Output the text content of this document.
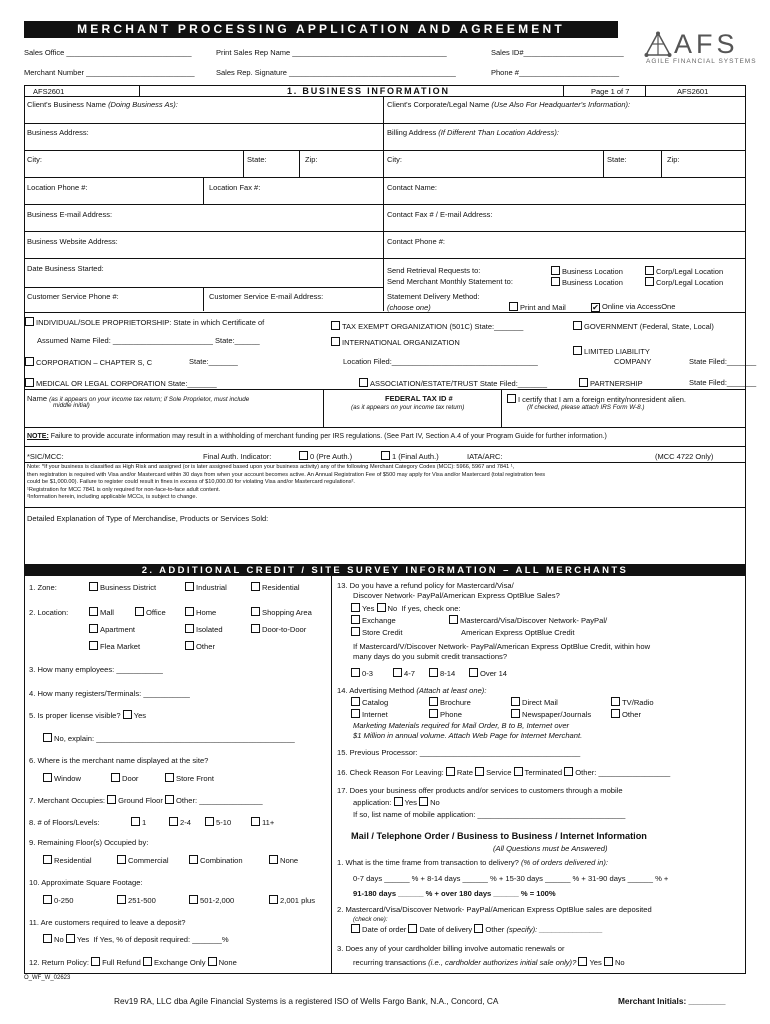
MERCHANT PROCESSING APPLICATION AND AGREEMENT	AFS
AGILE FINANCIAL SYSTEMS
Sales Office ______________________________	Print Sales Rep Name _____________________________________	Sales ID#________________________
Merchant Number __________________________	Sales Rep. Signature ________________________________________	Phone #________________________
AFS2601	1. BUSINESS INFORMATION	Page 1 of 7	AFS2601
Client's Business Name (Doing Business As):	Client's Corporate/Legal Name (Use Also For Headquarter's Information):
Business Address:	Billing Address (If Different Than Location Address):
City:	State:	Zip:	City:	State:	Zip:
Location Phone #:	Location Fax #:	Contact Name:
Business E-mail Address:	Contact Fax # / E-mail Address:
Business Website Address:	Contact Phone #:
Date Business Started:	Send Retrieval Requests to:	Business Location	Corp/Legal Location
Send Merchant Monthly Statement to:	Business Location	Corp/Legal Location
Customer Service Phone #:	Customer Service E-mail Address:	Statement Delivery Method:
(choose one)	Print and Mail
✔	Online via AccessOne
INDIVIDUAL/SOLE PROPRIETORSHIP: State in which Certificate of
Assumed Name Filed: ________________________ State:______
TAX EXEMPT ORGANIZATION (501C) State:_______	GOVERNMENT (Federal, State, Local)
INTERNATIONAL ORGANIZATION
Location Filed:___________________________________
LIMITED LIABILITY
COMPANY	State Filed:_______
CORPORATION – CHAPTER S, C	State:_______
MEDICAL OR LEGAL CORPORATION State:_______	ASSOCIATION/ESTATE/TRUST State Filed:_______	PARTNERSHIP	State Filed:_______
Name (as it appears on your income tax return; if Sole Proprietor, must include
middle initial)
FEDERAL TAX ID #
(as it appears on your income tax return)
I certify that I am a foreign entity/nonresident alien.
(If checked, please attach IRS Form W-8.)
NOTE: Failure to provide accurate information may result in a withholding of merchant funding per IRS regulations. (See Part IV, Section A.4 of your Program Guide for further information.)
*SIC/MCC:	Final Auth. Indicator:	0 (Pre Auth.)	1 (Final Auth.)	IATA/ARC:	(MCC 4722 Only)
Note: *If your business is classified as High Risk and assigned (or is later assigned based upon your business activity) any of the following Merchant Category Codes (MCC): 5966, 5967 and 7841 ¹,
then registration is required with Visa and/or Mastercard within 30 days from when your account becomes active. An Annual Registration Fee of $500 may apply for Visa and/or Mastercard (total registration fees
could be $1,000.00). Failure to register could result in fines in excess of $10,000.00 for violating Visa and/or Mastercard regulations².
¹Registration for MCC 7841 is only required for non-face-to-face adult content.
²Information herein, including applicable MCCs, is subject to change.
Detailed Explanation of Type of Merchandise, Products or Services Sold:
2. ADDITIONAL CREDIT / SITE SURVEY INFORMATION – ALL MERCHANTS
1. Zone:	Business District	Industrial	Residential
2. Location:	Mall	Office	Home	Shopping Area
Apartment	Isolated	Door-to-Door
Flea Market	Other
3. How many employees: ___________
4. How many registers/Terminals: ___________
5. Is proper license visible? Yes
No, explain: _______________________________________________
6. Where is the merchant name displayed at the site?
Window	Door	Store Front
7. Merchant Occupies: Ground Floor Other: _______________
8. # of Floors/Levels:	1	2-4	5-10	11+
9. Remaining Floor(s) Occupied by:
Residential	Commercial	Combination	None
10. Approximate Square Footage:
0-250	251-500	501-2,000	2,001 plus
11. Are customers required to leave a deposit?
No Yes If Yes, % of deposit required: _______%
12. Return Policy: Full Refund Exchange Only None
13. Do you have a refund policy for Mastercard/Visa/
Discover Network- PayPal/American Express OptBlue Sales?
Yes No If yes, check one:
Exchange	Mastercard/Visa/Discover Network- PayPal/
Store Credit	American Express OptBlue Credit
If Mastercard/V/Discover Network- PayPal/American Express OptBlue Credit, within how
many days do you submit credit transactions?
0-3	4-7	8-14	Over 14
14. Advertising Method (Attach at least one):
Catalog	Brochure	Direct Mail	TV/Radio
Internet	Phone	Newspaper/Journals	Other
Marketing Materials required for Mail Order, B to B, Internet over
$1 Million in annual volume. Attach Web Page for Internet Merchant.
15. Previous Processor: ______________________________________
16. Check Reason For Leaving: Rate Service Terminated Other: _________________
17. Does your business offer products and/or services to customers through a mobile
application: Yes No
If so, list name of mobile application: ___________________________________
Mail / Telephone Order / Business to Business / Internet Information
(All Questions must be Answered)
1. What is the time frame from transaction to delivery? (% of orders delivered in):
0-7 days ______ % + 8-14 days ______ % + 15-30 days ______ % + 31-90 days ______ % +
91-180 days ______ % + over 180 days ______ % = 100%
2. Mastercard/Visa/Discover Network- PayPal/American Express OptBlue sales are deposited
(check one):
Date of order Date of delivery Other (specify): _______________
3. Does any of your cardholder billing involve automatic renewals or
recurring transactions (i.e., cardholder authorizes initial sale only)? Yes No
O_WF_W_02623
Rev19 RA, LLC dba Agile Financial Systems is a registered ISO of Wells Fargo Bank, N.A., Concord, CA	Merchant Initials: ________
